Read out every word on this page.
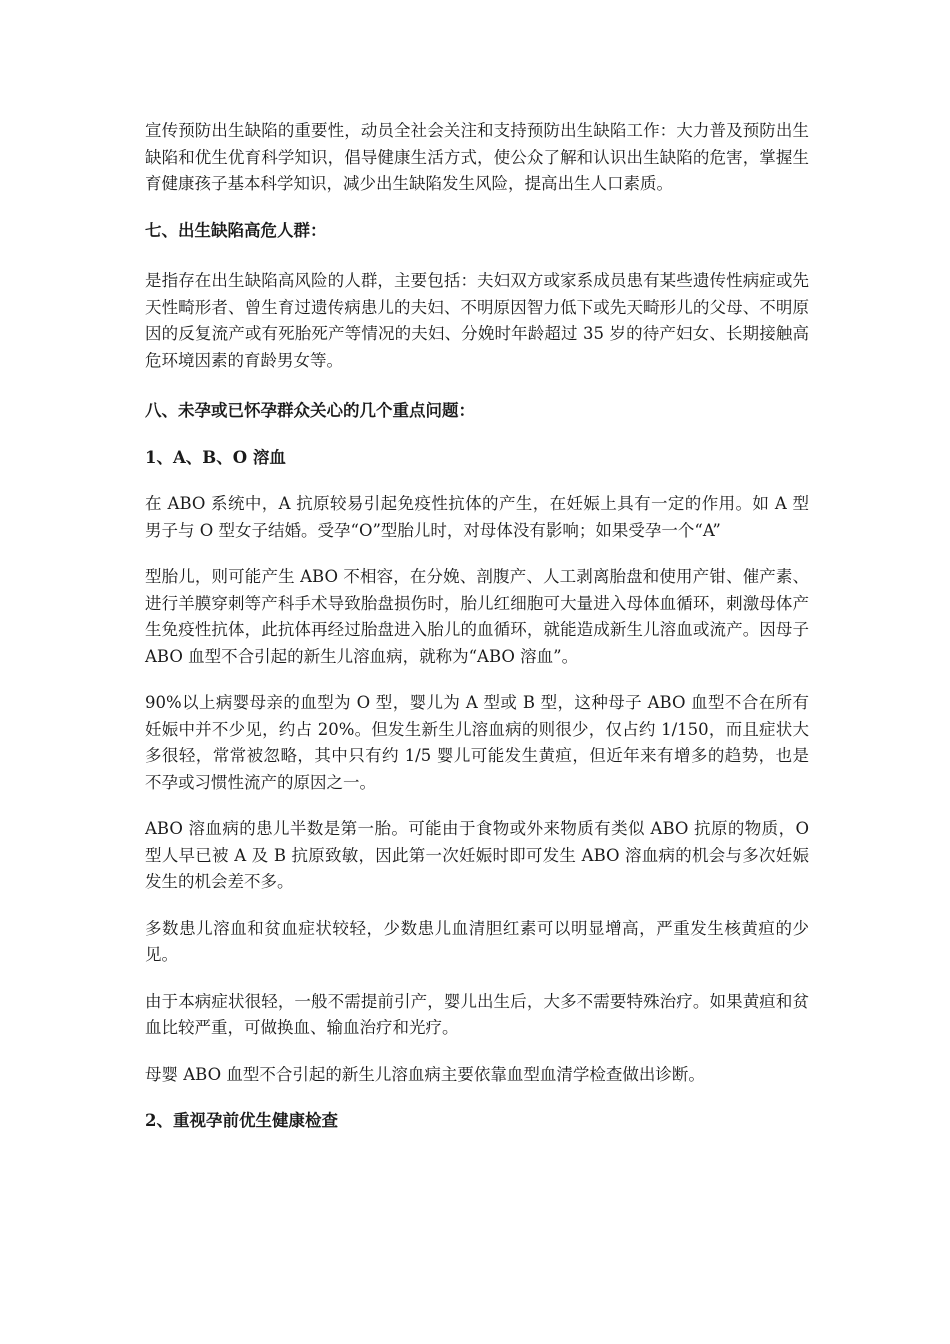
宣传预防出生缺陷的重要性，动员全社会关注和支持预防出生缺陷工作：大力普及预防出生缺陷和优生优育科学知识，倡导健康生活方式，使公众了解和认识出生缺陷的危害，掌握生育健康孩子基本科学知识，减少出生缺陷发生风险，提高出生人口素质。

七、出生缺陷高危人群：

是指存在出生缺陷高风险的人群，主要包括：夫妇双方或家系成员患有某些遗传性病症或先天性畸形者、曾生育过遗传病患儿的夫妇、不明原因智力低下或先天畸形儿的父母、不明原因的反复流产或有死胎死产等情况的夫妇、分娩时年龄超过 35 岁的待产妇女、长期接触高危环境因素的育龄男女等。

八、未孕或已怀孕群众关心的几个重点问题：

1、A、B、O 溶血

在 ABO 系统中，A 抗原较易引起免疫性抗体的产生，在妊娠上具有一定的作用。如 A 型男子与 O 型女子结婚。受孕“O”型胎儿时，对母体没有影响；如果受孕一个“A”

型胎儿，则可能产生 ABO 不相容，在分娩、剖腹产、人工剥离胎盘和使用产钳、催产素、进行羊膜穿刺等产科手术导致胎盘损伤时，胎儿红细胞可大量进入母体血循环，刺激母体产生免疫性抗体，此抗体再经过胎盘进入胎儿的血循环，就能造成新生儿溶血或流产。因母子 ABO 血型不合引起的新生儿溶血病，就称为“ABO 溶血”。

90%以上病婴母亲的血型为 O 型，婴儿为 A 型或 B 型，这种母子 ABO 血型不合在所有妊娠中并不少见，约占 20%。但发生新生儿溶血病的则很少，仅占约 1/150，而且症状大多很轻，常常被忽略，其中只有约 1/5 婴儿可能发生黄疸，但近年来有增多的趋势，也是不孕或习惯性流产的原因之一。

ABO 溶血病的患儿半数是第一胎。可能由于食物或外来物质有类似 ABO 抗原的物质，O 型人早已被 A 及 B 抗原致敏，因此第一次妊娠时即可发生 ABO 溶血病的机会与多次妊娠发生的机会差不多。

多数患儿溶血和贫血症状较轻，少数患儿血清胆红素可以明显增高，严重发生核黄疸的少见。

由于本病症状很轻，一般不需提前引产，婴儿出生后，大多不需要特殊治疗。如果黄疸和贫血比较严重，可做换血、输血治疗和光疗。

母婴 ABO 血型不合引起的新生儿溶血病主要依靠血型血清学检查做出诊断。

2、重视孕前优生健康检查
